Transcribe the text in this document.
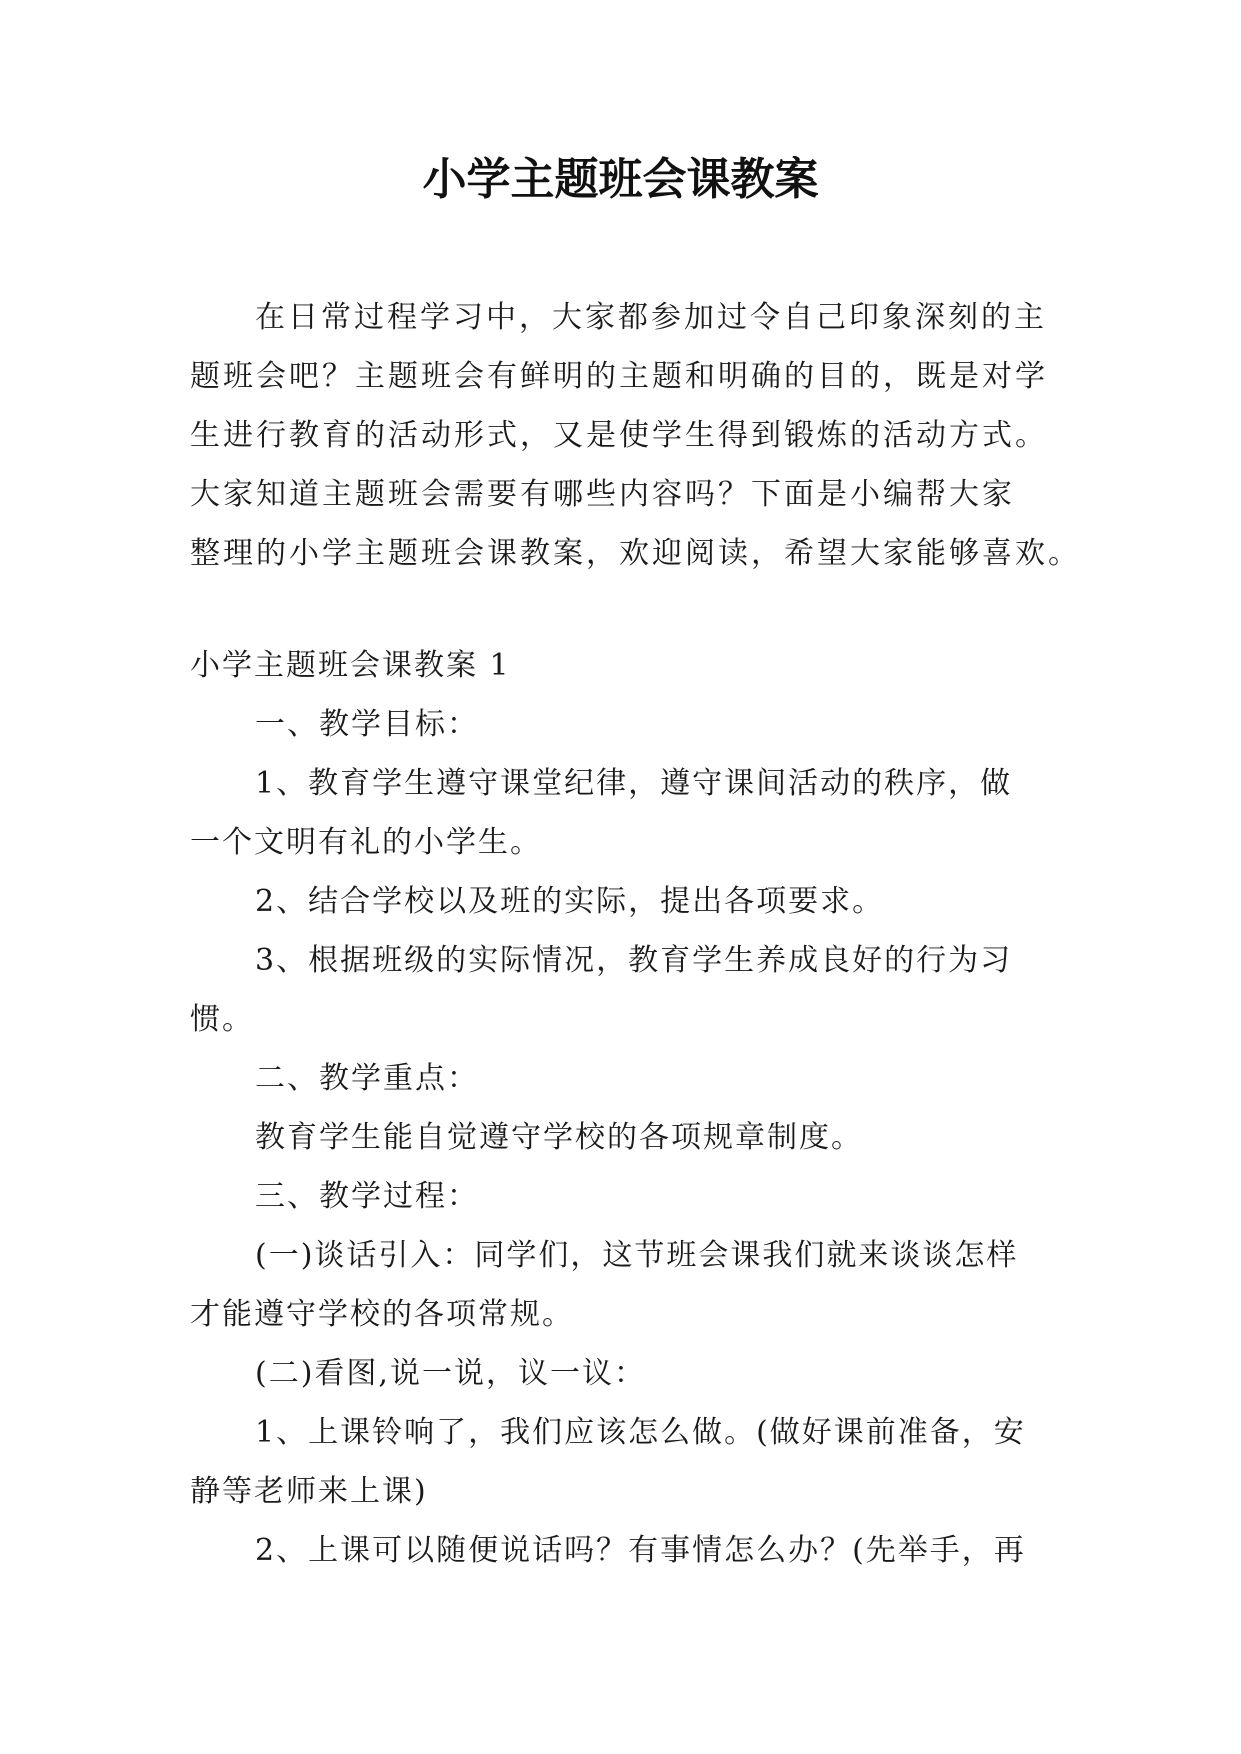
小学主题班会课教案
在日常过程学习中，大家都参加过令自己印象深刻的主
题班会吧？主题班会有鲜明的主题和明确的目的，既是对学
生进行教育的活动形式，又是使学生得到锻炼的活动方式。
大家知道主题班会需要有哪些内容吗？下面是小编帮大家
整理的小学主题班会课教案，欢迎阅读，希望大家能够喜欢。
小学主题班会课教案 1
一、教学目标：
1、教育学生遵守课堂纪律，遵守课间活动的秩序，做
一个文明有礼的小学生。
2、结合学校以及班的实际，提出各项要求。
3、根据班级的实际情况，教育学生养成良好的行为习
惯。
二、教学重点：
教育学生能自觉遵守学校的各项规章制度。
三、教学过程：
(一)谈话引入：同学们，这节班会课我们就来谈谈怎样
才能遵守学校的各项常规。
(二)看图,说一说，议一议：
1、上课铃响了，我们应该怎么做。(做好课前准备，安
静等老师来上课)
2、上课可以随便说话吗？有事情怎么办？(先举手，再
